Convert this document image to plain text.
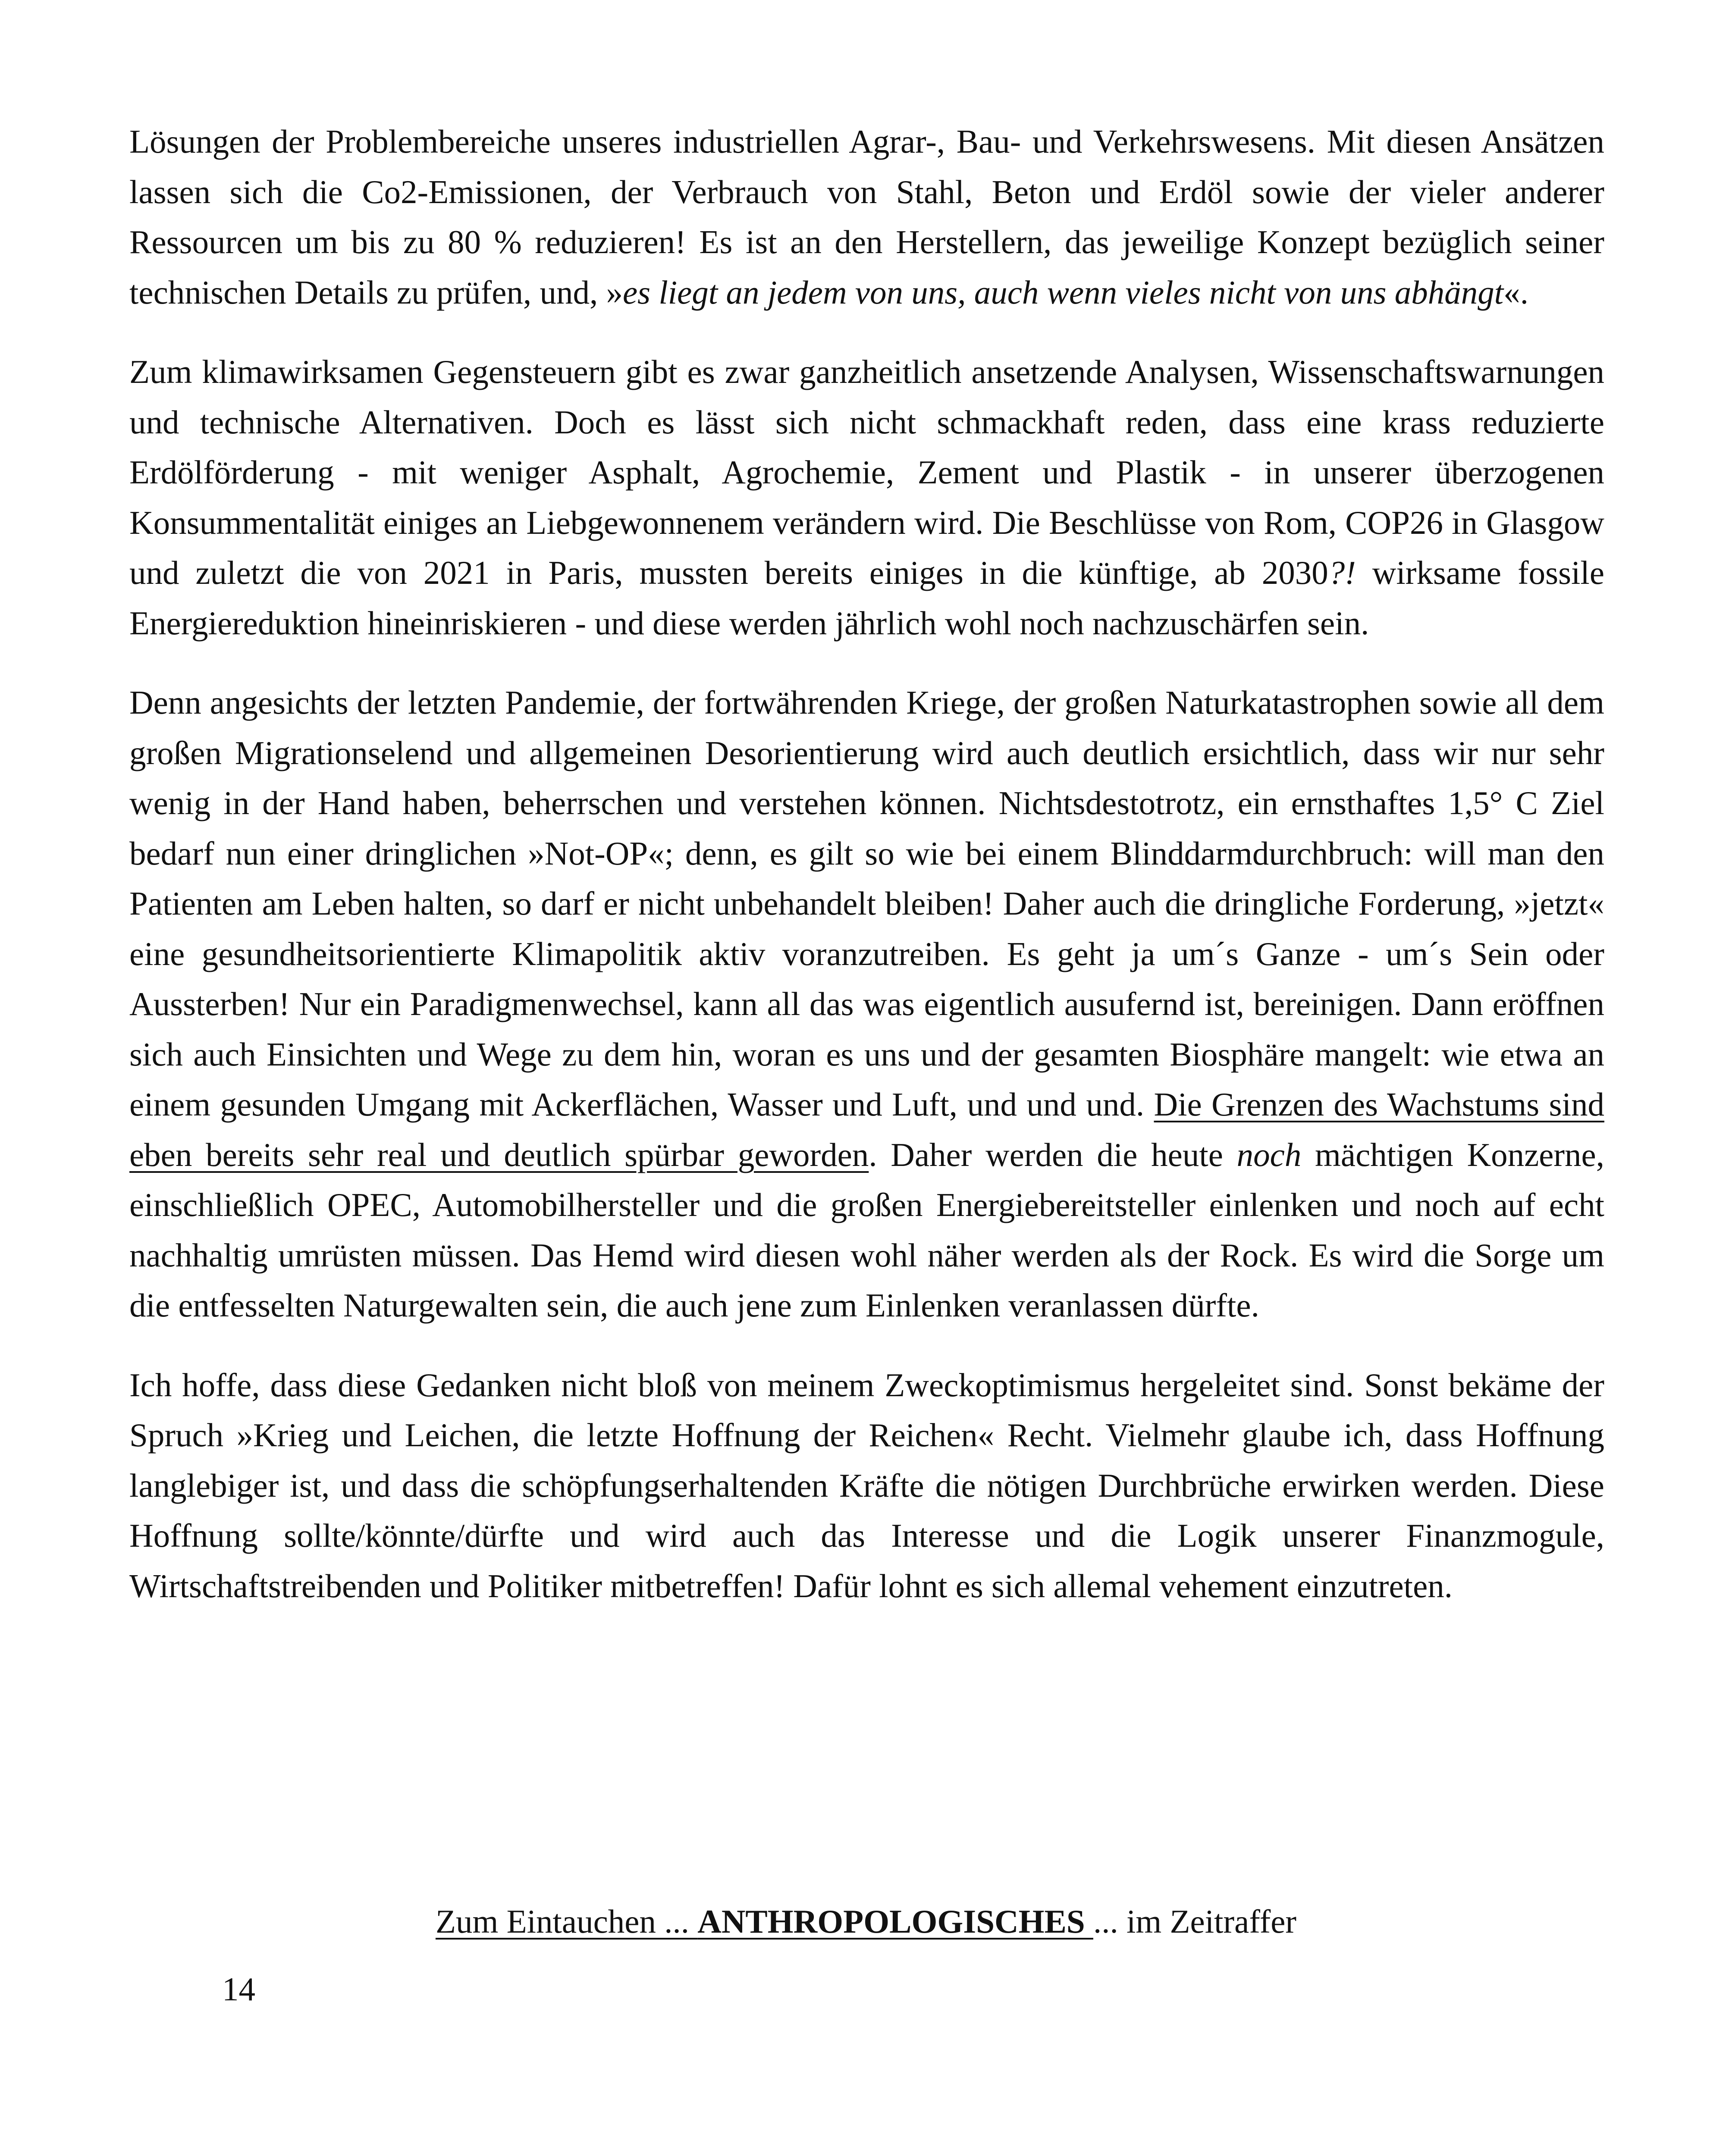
Lösungen der Problembereiche unseres industriellen Agrar-, Bau- und Verkehrswesens. Mit diesen Ansätzen lassen sich die Co2-Emissionen, der Verbrauch von Stahl, Beton und Erdöl sowie der vieler anderer Ressourcen um bis zu 80 % reduzieren! Es ist an den Herstellern, das jeweilige Konzept bezüglich seiner technischen Details zu prüfen, und, »es liegt an jedem von uns, auch wenn vieles nicht von uns abhängt«.

Zum klimawirksamen Gegensteuern gibt es zwar ganzheitlich ansetzende Analysen, Wissenschaftswarnungen und technische Alternativen. Doch es lässt sich nicht schmackhaft reden, dass eine krass reduzierte Erdölförderung - mit weniger Asphalt, Agrochemie, Zement und Plastik - in unserer überzogenen Konsummentalität einiges an Liebgewonnenem verändern wird. Die Beschlüsse von Rom, COP26 in Glasgow und zuletzt die von 2021 in Paris, mussten bereits einiges in die künftige, ab 2030?! wirksame fossile Energiereduktion hineinriskieren - und diese werden jährlich wohl noch nachzuschärfen sein.

Denn angesichts der letzten Pandemie, der fortwährenden Kriege, der großen Naturkatastrophen sowie all dem großen Migrationselend und allgemeinen Desorientierung wird auch deutlich ersichtlich, dass wir nur sehr wenig in der Hand haben, beherrschen und verstehen können. Nichtsdestotrotz, ein ernsthaftes 1,5° C Ziel bedarf nun einer dringlichen »Not-OP«; denn, es gilt so wie bei einem Blinddarmdurchbruch: will man den Patienten am Leben halten, so darf er nicht unbehandelt bleiben! Daher auch die dringliche Forderung, »jetzt« eine gesundheitsorientierte Klimapolitik aktiv voranzutreiben. Es geht ja um´s Ganze - um´s Sein oder Aussterben! Nur ein Paradigmenwechsel, kann all das was eigentlich ausufernd ist, bereinigen. Dann eröffnen sich auch Einsichten und Wege zu dem hin, woran es uns und der gesamten Biosphäre mangelt: wie etwa an einem gesunden Umgang mit Ackerflächen, Wasser und Luft, und und und. Die Grenzen des Wachstums sind eben bereits sehr real und deutlich spürbar geworden. Daher werden die heute noch mächtigen Konzerne, einschließlich OPEC, Automobilhersteller und die großen Energiebereitsteller einlenken und noch auf echt nachhaltig umrüsten müssen. Das Hemd wird diesen wohl näher werden als der Rock. Es wird die Sorge um die entfesselten Naturgewalten sein, die auch jene zum Einlenken veranlassen dürfte.

Ich hoffe, dass diese Gedanken nicht bloß von meinem Zweckoptimismus hergeleitet sind. Sonst bekäme der Spruch »Krieg und Leichen, die letzte Hoffnung der Reichen« Recht. Vielmehr glaube ich, dass Hoffnung langlebiger ist, und dass die schöpfungserhaltenden Kräfte die nötigen Durchbrüche erwirken werden. Diese Hoffnung sollte/könnte/dürfte und wird auch das Interesse und die Logik unserer Finanzmogule, Wirtschaftstreibenden und Politiker mitbetreffen! Dafür lohnt es sich allemal vehement einzutreten.

Zum Eintauchen ... ANTHROPOLOGISCHES ... im Zeitraffer
14
